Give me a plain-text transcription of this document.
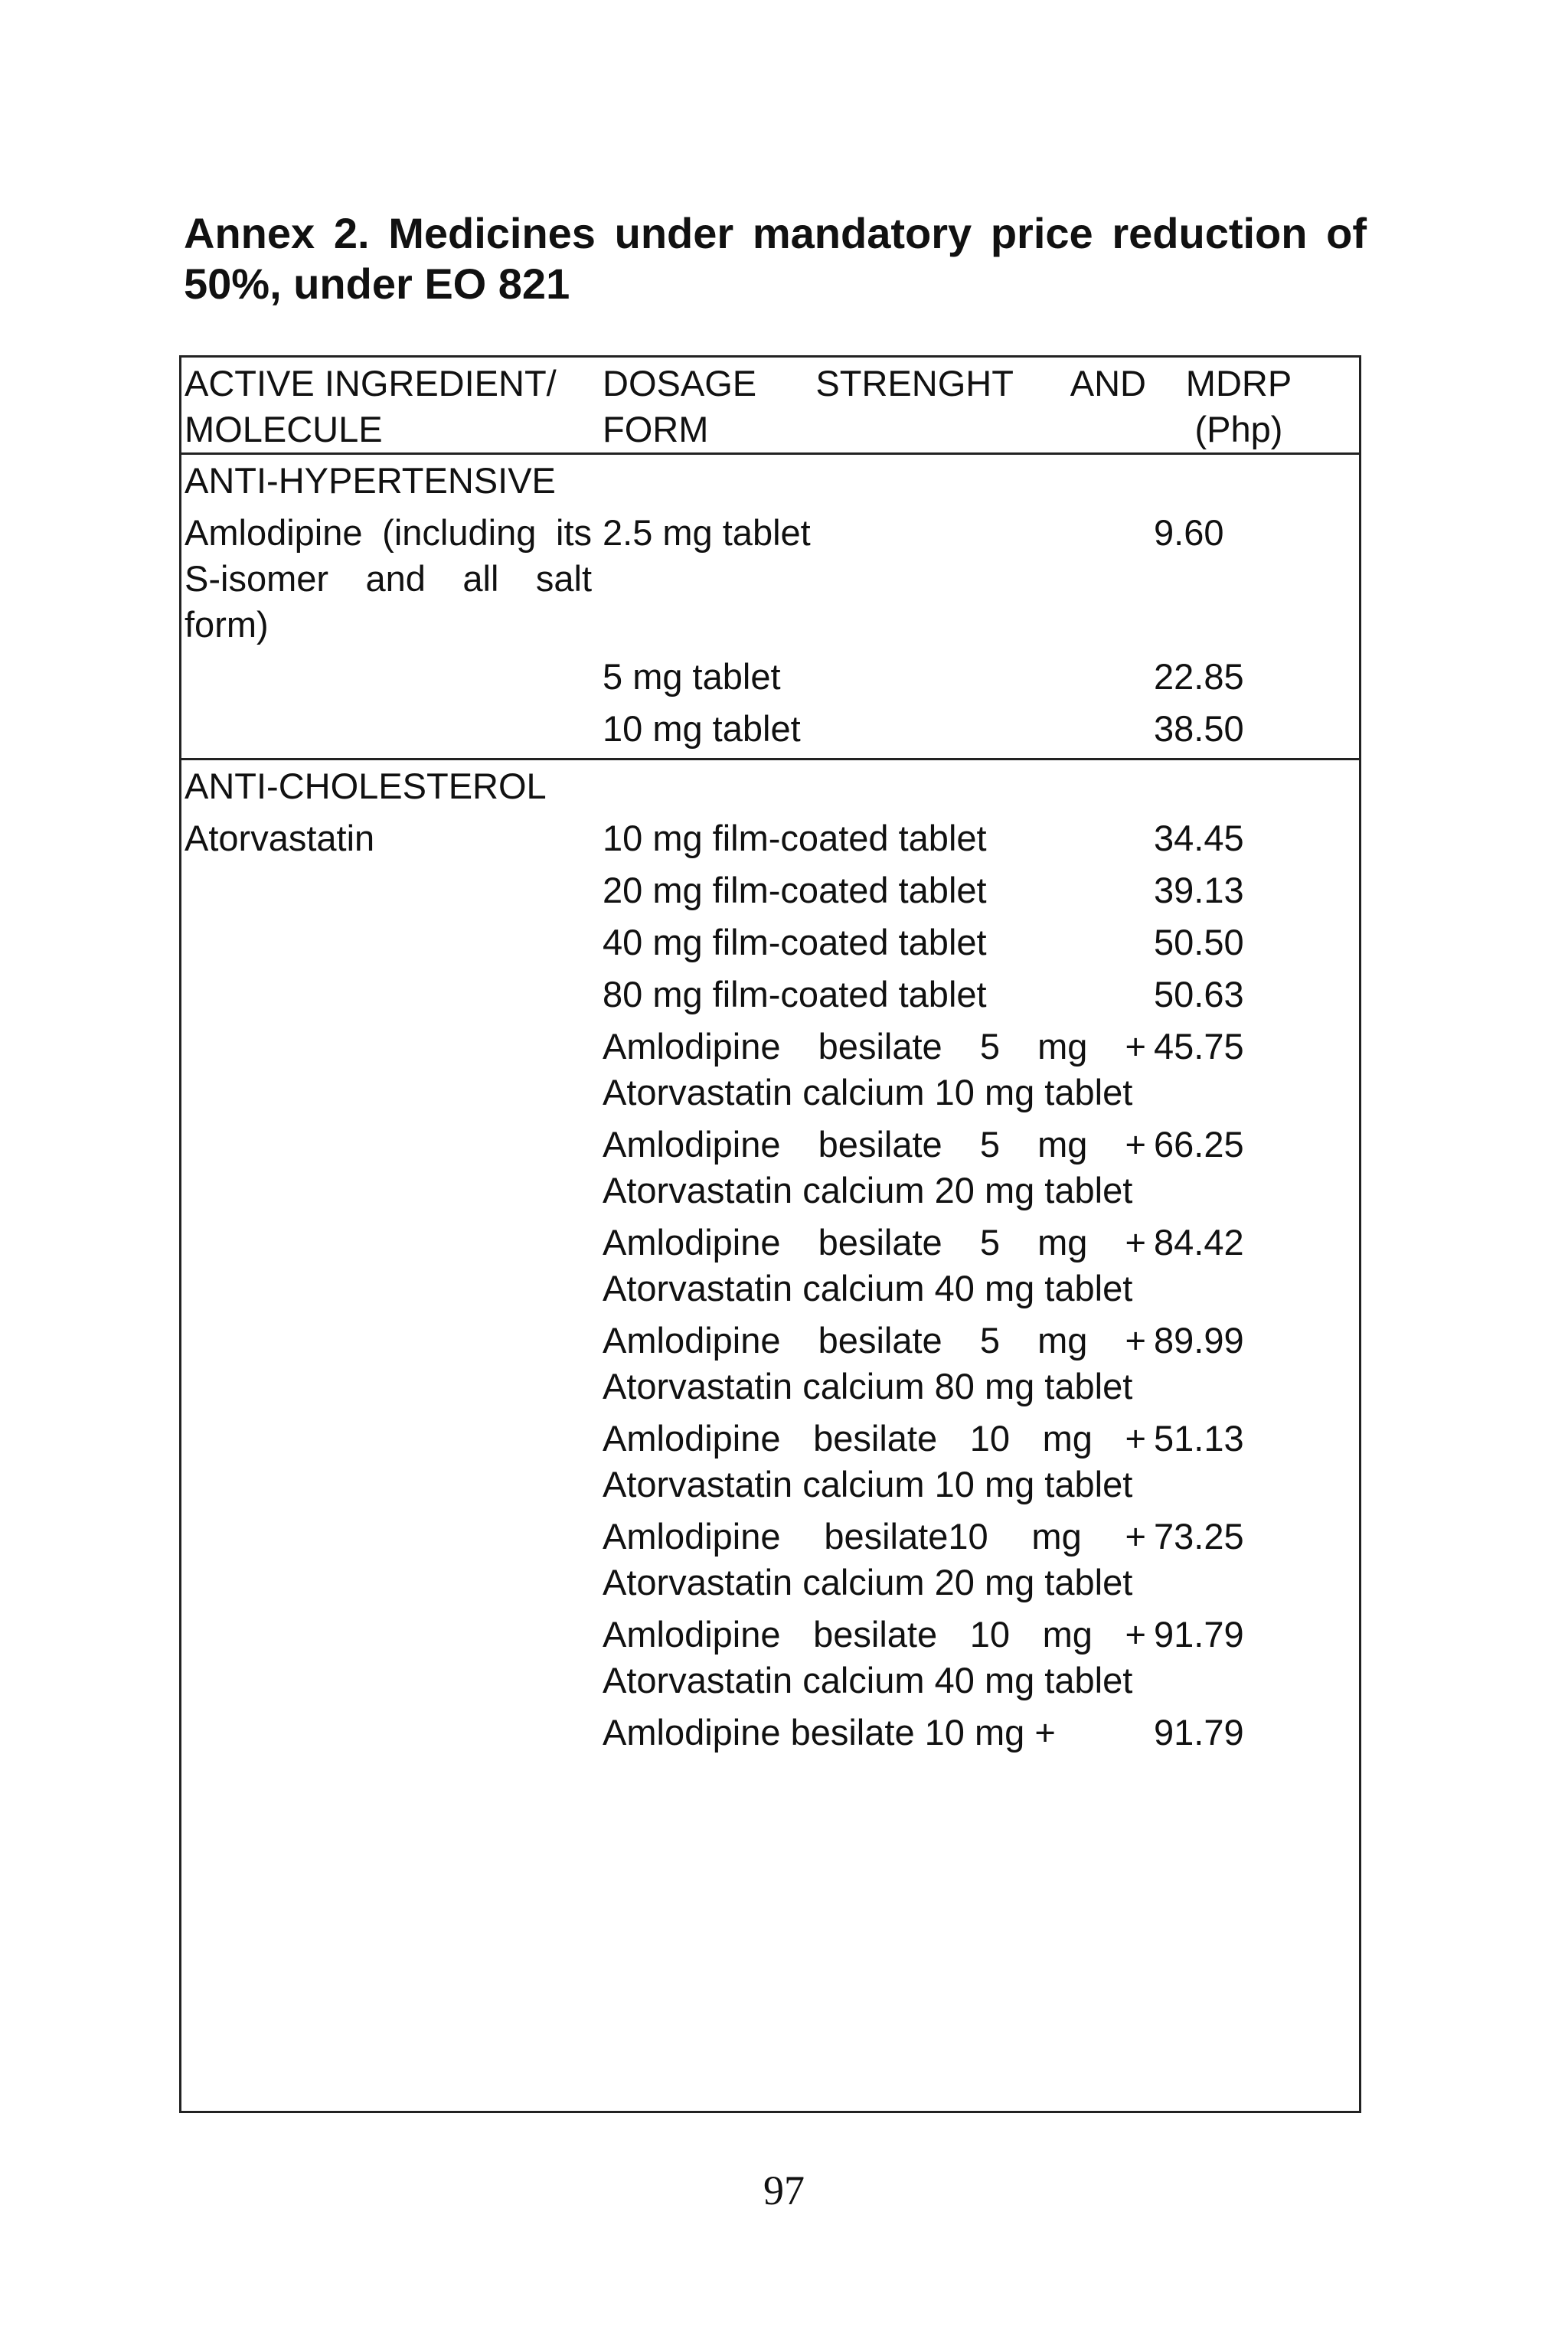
Annex 2. Medicines under mandatory price reduction of 50%, under EO 821
ACTIVE INGREDIENT/ MOLECULE	DOSAGE STRENGHT AND FORM	MDRP (Php)
ANTI-HYPERTENSIVE		
Amlodipine (including its S-isomer and all salt form)	2.5 mg tablet	9.60
	5 mg tablet	22.85
	10 mg tablet	38.50
ANTI-CHOLESTEROL		
Atorvastatin	10 mg film-coated tablet	34.45
	20 mg film-coated tablet	39.13
	40 mg film-coated tablet	50.50
	80 mg film-coated tablet	50.63
	Amlodipine besilate 5 mg + Atorvastatin calcium 10 mg tablet	45.75
	Amlodipine besilate 5 mg + Atorvastatin calcium 20 mg tablet	66.25
	Amlodipine besilate 5 mg + Atorvastatin calcium 40 mg tablet	84.42
	Amlodipine besilate 5 mg + Atorvastatin calcium 80 mg tablet	89.99
	Amlodipine besilate 10 mg + Atorvastatin calcium 10 mg tablet	51.13
	Amlodipine besilate10 mg + Atorvastatin calcium 20 mg tablet	73.25
	Amlodipine besilate 10 mg + Atorvastatin calcium 40 mg tablet	91.79
	Amlodipine besilate 10 mg +	91.79
97
